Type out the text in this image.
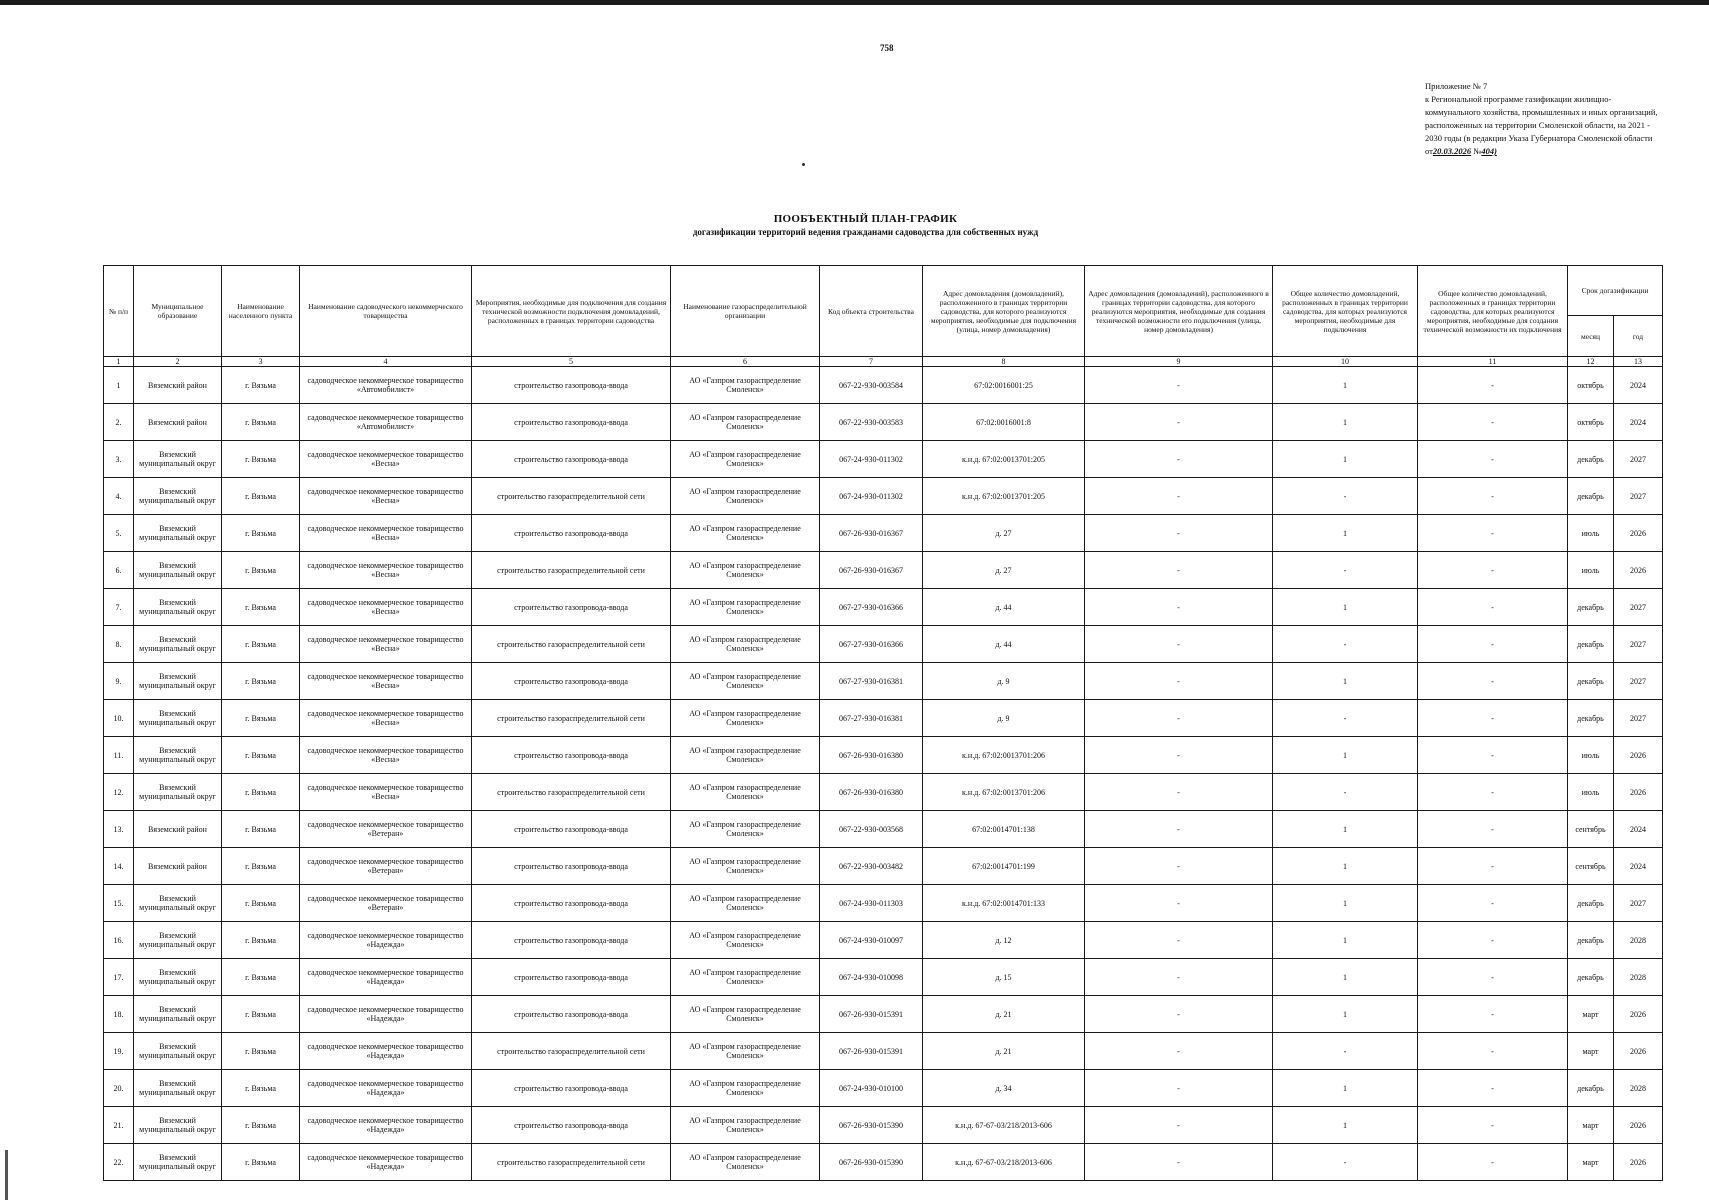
758
Приложение № 7
к Региональной программе газификации жилищно-коммунального хозяйства, промышленных и иных организаций, расположенных на территории Смоленской области, на 2021 - 2030 годы (в редакции Указа Губернатора Смоленской области
от20.03.2026 №404)
ПООБЪЕКТНЫЙ ПЛАН-ГРАФИК
догазификации территорий ведения гражданами садоводства для собственных нужд
№ п/п	Муниципальное образование	Наименование населенного пункта	Наименование садоводческого некоммерческого товарищества	Мероприятия, необходимые для подключения для создания технической возможности подключения домовладений, расположенных в границах территории садоводства	Наименование газораспределительной организации	Код объекта строительства	Адрес домовладения (домовладений), расположенного в границах территории садоводства, для которого реализуются мероприятия, необходимые для подключения (улица, номер домовладения)	Адрес домовладения (домовладений), расположенного в границах территории садоводства, для которого реализуются мероприятия, необходимые для создания технической возможности его подключения (улица, номер домовладения)	Общее количество домовладений, расположенных в границах территории садоводства, для которых реализуются мероприятия, необходимые для подключения	Общее количество домовладений, расположенных в границах территории садоводства, для которых реализуются мероприятия, необходимые для создания технической возможности их подключения	Срок догазификации	
											месяц	год
1	2	3	4	5	6	7	8	9	10	11	12	13
1	Вяземский район	г. Вязьма	садоводческое некоммерческое товарищество «Автомобилист»	строительство газопровода-ввода	АО «Газпром газораспределение Смоленск»	067-22-930-003584	67:02:0016001:25	-	1	-	октябрь	2024
2.	Вяземский район	г. Вязьма	садоводческое некоммерческое товарищество «Автомобилист»	строительство газопровода-ввода	АО «Газпром газораспределение Смоленск»	067-22-930-003583	67:02:0016001:8	-	1	-	октябрь	2024
3.	Вяземский муниципальный округ	г. Вязьма	садоводческое некоммерческое товарищество «Весна»	строительство газопровода-ввода	АО «Газпром газораспределение Смоленск»	067-24-930-011302	к.н.д. 67:02:0013701:205	-	1	-	декабрь	2027
4.	Вяземский муниципальный округ	г. Вязьма	садоводческое некоммерческое товарищество «Весна»	строительство газораспределительной сети	АО «Газпром газораспределение Смоленск»	067-24-930-011302	к.н.д. 67:02:0013701:205	-	-	-	декабрь	2027
5.	Вяземский муниципальный округ	г. Вязьма	садоводческое некоммерческое товарищество «Весна»	строительство газопровода-ввода	АО «Газпром газораспределение Смоленск»	067-26-930-016367	д. 27	-	1	-	июль	2026
6.	Вяземский муниципальный округ	г. Вязьма	садоводческое некоммерческое товарищество «Весна»	строительство газораспределительной сети	АО «Газпром газораспределение Смоленск»	067-26-930-016367	д. 27	-	-	-	июль	2026
7.	Вяземский муниципальный округ	г. Вязьма	садоводческое некоммерческое товарищество «Весна»	строительство газопровода-ввода	АО «Газпром газораспределение Смоленск»	067-27-930-016366	д. 44	-	1	-	декабрь	2027
8.	Вяземский муниципальный округ	г. Вязьма	садоводческое некоммерческое товарищество «Весна»	строительство газораспределительной сети	АО «Газпром газораспределение Смоленск»	067-27-930-016366	д. 44	-	-	-	декабрь	2027
9.	Вяземский муниципальный округ	г. Вязьма	садоводческое некоммерческое товарищество «Весна»	строительство газопровода-ввода	АО «Газпром газораспределение Смоленск»	067-27-930-016381	д. 9	-	1	-	декабрь	2027
10.	Вяземский муниципальный округ	г. Вязьма	садоводческое некоммерческое товарищество «Весна»	строительство газораспределительной сети	АО «Газпром газораспределение Смоленск»	067-27-930-016381	д. 9	-	-	-	декабрь	2027
11.	Вяземский муниципальный округ	г. Вязьма	садоводческое некоммерческое товарищество «Весна»	строительство газопровода-ввода	АО «Газпром газораспределение Смоленск»	067-26-930-016380	к.н.д. 67:02:0013701:206	-	1	-	июль	2026
12.	Вяземский муниципальный округ	г. Вязьма	садоводческое некоммерческое товарищество «Весна»	строительство газораспределительной сети	АО «Газпром газораспределение Смоленск»	067-26-930-016380	к.н.д. 67:02:0013701:206	-	-	-	июль	2026
13.	Вяземский район	г. Вязьма	садоводческое некоммерческое товарищество «Ветеран»	строительство газопровода-ввода	АО «Газпром газораспределение Смоленск»	067-22-930-003568	67:02:0014701:138	-	1	-	сентябрь	2024
14.	Вяземский район	г. Вязьма	садоводческое некоммерческое товарищество «Ветеран»	строительство газопровода-ввода	АО «Газпром газораспределение Смоленск»	067-22-930-003482	67:02:0014701:199	-	1	-	сентябрь	2024
15.	Вяземский муниципальный округ	г. Вязьма	садоводческое некоммерческое товарищество «Ветеран»	строительство газопровода-ввода	АО «Газпром газораспределение Смоленск»	067-24-930-011303	к.н.д. 67:02:0014701:133	-	1	-	декабрь	2027
16.	Вяземский муниципальный округ	г. Вязьма	садоводческое некоммерческое товарищество «Надежда»	строительство газопровода-ввода	АО «Газпром газораспределение Смоленск»	067-24-930-010097	д. 12	-	1	-	декабрь	2028
17.	Вяземский муниципальный округ	г. Вязьма	садоводческое некоммерческое товарищество «Надежда»	строительство газопровода-ввода	АО «Газпром газораспределение Смоленск»	067-24-930-010098	д. 15	-	1	-	декабрь	2028
18.	Вяземский муниципальный округ	г. Вязьма	садоводческое некоммерческое товарищество «Надежда»	строительство газопровода-ввода	АО «Газпром газораспределение Смоленск»	067-26-930-015391	д. 21	-	1	-	март	2026
19.	Вяземский муниципальный округ	г. Вязьма	садоводческое некоммерческое товарищество «Надежда»	строительство газораспределительной сети	АО «Газпром газораспределение Смоленск»	067-26-930-015391	д. 21	-	-	-	март	2026
20.	Вяземский муниципальный округ	г. Вязьма	садоводческое некоммерческое товарищество «Надежда»	строительство газопровода-ввода	АО «Газпром газораспределение Смоленск»	067-24-930-010100	д. 34	-	1	-	декабрь	2028
21.	Вяземский муниципальный округ	г. Вязьма	садоводческое некоммерческое товарищество «Надежда»	строительство газопровода-ввода	АО «Газпром газораспределение Смоленск»	067-26-930-015390	к.н.д. 67-67-03/218/2013-606	-	1	-	март	2026
22.	Вяземский муниципальный округ	г. Вязьма	садоводческое некоммерческое товарищество «Надежда»	строительство газораспределительной сети	АО «Газпром газораспределение Смоленск»	067-26-930-015390	к.н.д. 67-67-03/218/2013-606	-	-	-	март	2026
